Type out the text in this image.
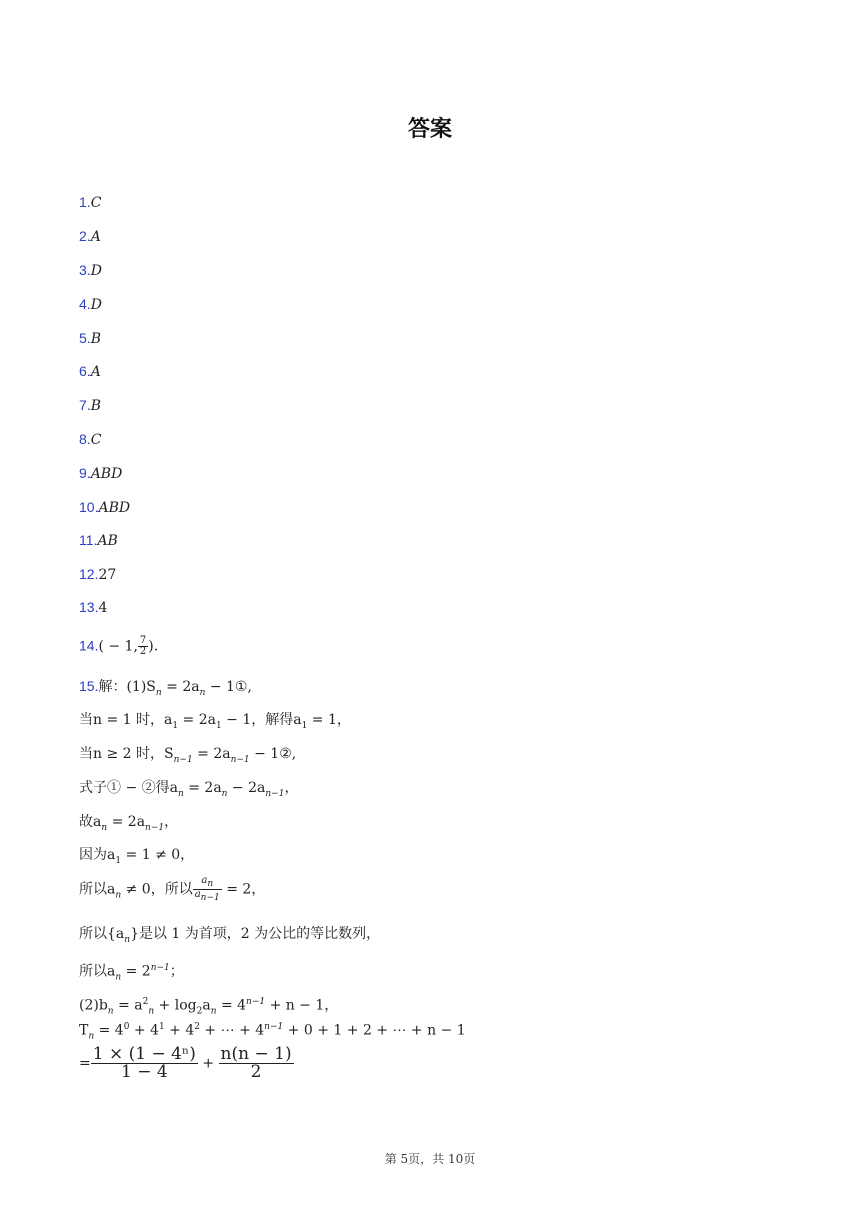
答案
1.C
2.A
3.D
4.D
5.B
6.A
7.B
8.C
9.ABD
10.ABD
11.AB
12.27
13.4
14.( − 1, $\frac{7}{2}$ ).
15.解：$(1)S_n = 2a_n$ − 1①,
当n = 1 时，$a_1 = 2a_1 - 1$，解得$a_1 = 1$，
当n ≥ 2 时，$S_{n-1} = 2a_{n-1}$ − 1②,
式子① − ②得$a_n = 2a_n - 2a_{n-1}$，
故$a_n = 2a_{n-1}$，
因为$a_1 = 1 \ne 0$，
所以$a_n \ne 0$，所以 $\frac{a_n}{a_{n-1}} = 2$，
所以$\{a_n\}$是以 1 为首项，2 为公比的等比数列，
所以$a_n = 2^{n-1}$；
$(2)b_n = a^2_n + \log_2a_n = 4^{n-1} + n - 1$，
$T_n = 4^0 + 4^1 + 4^2$ + ⋯ + $4^{n-1} + 0 + 1 + 2$ + ⋯ + n − 1
= $\frac{\text{1 × (1 − 4ⁿ)}}{1 - 4} + \frac{n(n - 1)}{2}$
第 5页，共 10页
